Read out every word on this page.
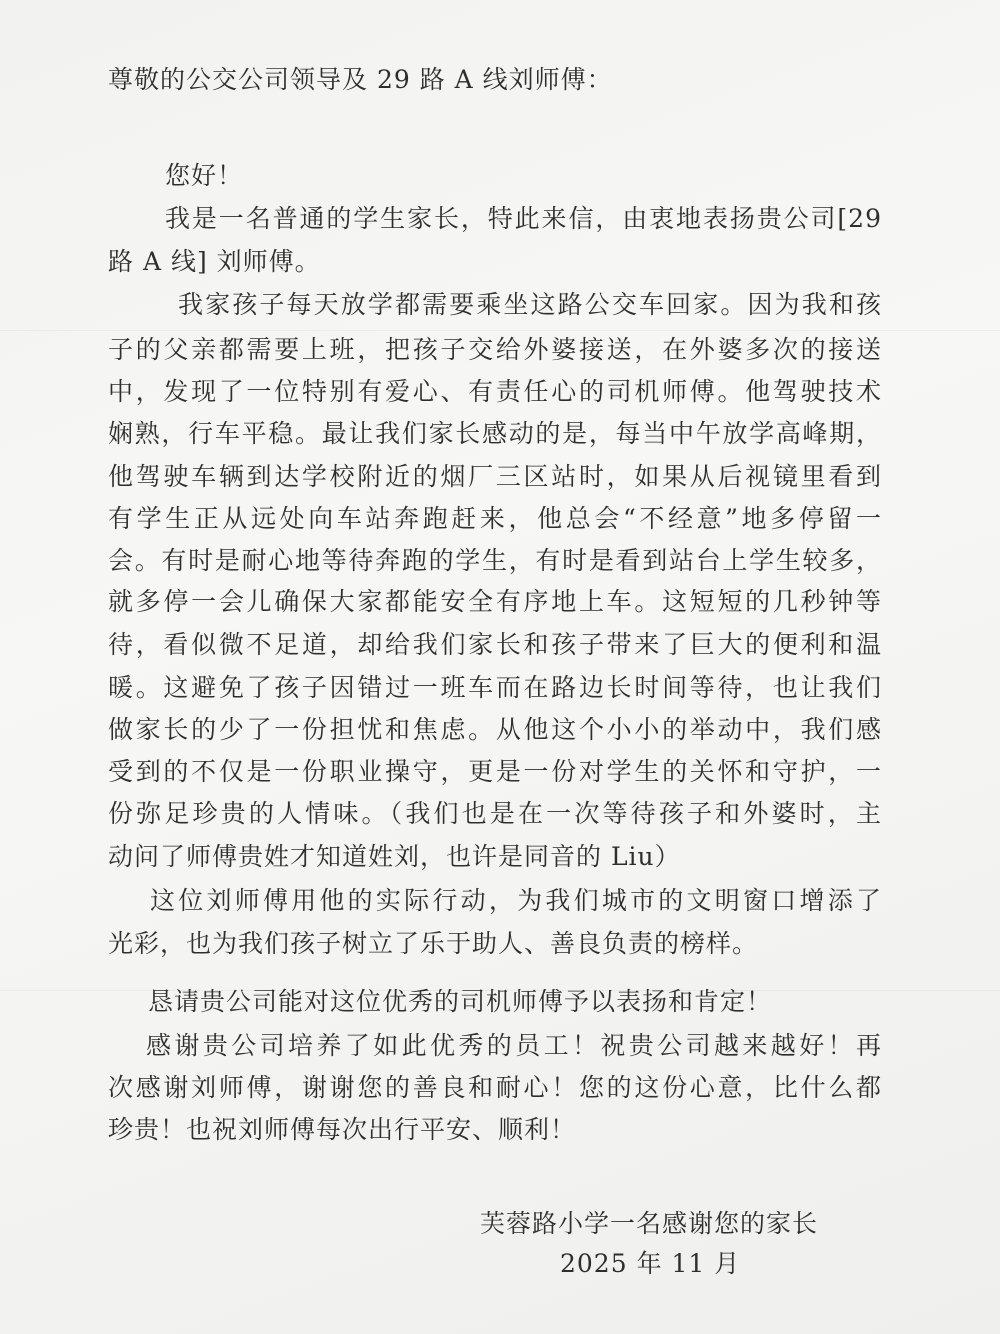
尊敬的公交公司领导及 29 路 A 线刘师傅：
您好！
我是一名普通的学生家长，特此来信，由衷地表扬贵公司[29
路 A 线] 刘师傅。
我家孩子每天放学都需要乘坐这路公交车回家。因为我和孩
子的父亲都需要上班，把孩子交给外婆接送，在外婆多次的接送
中，发现了一位特别有爱心、有责任心的司机师傅。他驾驶技术
娴熟，行车平稳。最让我们家长感动的是，每当中午放学高峰期，
他驾驶车辆到达学校附近的烟厂三区站时，如果从后视镜里看到
有学生正从远处向车站奔跑赶来，他总会“不经意”地多停留一
会。有时是耐心地等待奔跑的学生，有时是看到站台上学生较多，
就多停一会儿确保大家都能安全有序地上车。这短短的几秒钟等
待，看似微不足道，却给我们家长和孩子带来了巨大的便利和温
暖。这避免了孩子因错过一班车而在路边长时间等待，也让我们
做家长的少了一份担忧和焦虑。从他这个小小的举动中，我们感
受到的不仅是一份职业操守，更是一份对学生的关怀和守护，一
份弥足珍贵的人情味。（我们也是在一次等待孩子和外婆时，主
动问了师傅贵姓才知道姓刘，也许是同音的 Liu）
这位刘师傅用他的实际行动，为我们城市的文明窗口增添了
光彩，也为我们孩子树立了乐于助人、善良负责的榜样。
恳请贵公司能对这位优秀的司机师傅予以表扬和肯定！
感谢贵公司培养了如此优秀的员工！祝贵公司越来越好！再
次感谢刘师傅，谢谢您的善良和耐心！您的这份心意，比什么都
珍贵！也祝刘师傅每次出行平安、顺利！
芙蓉路小学一名感谢您的家长
2025 年 11 月
